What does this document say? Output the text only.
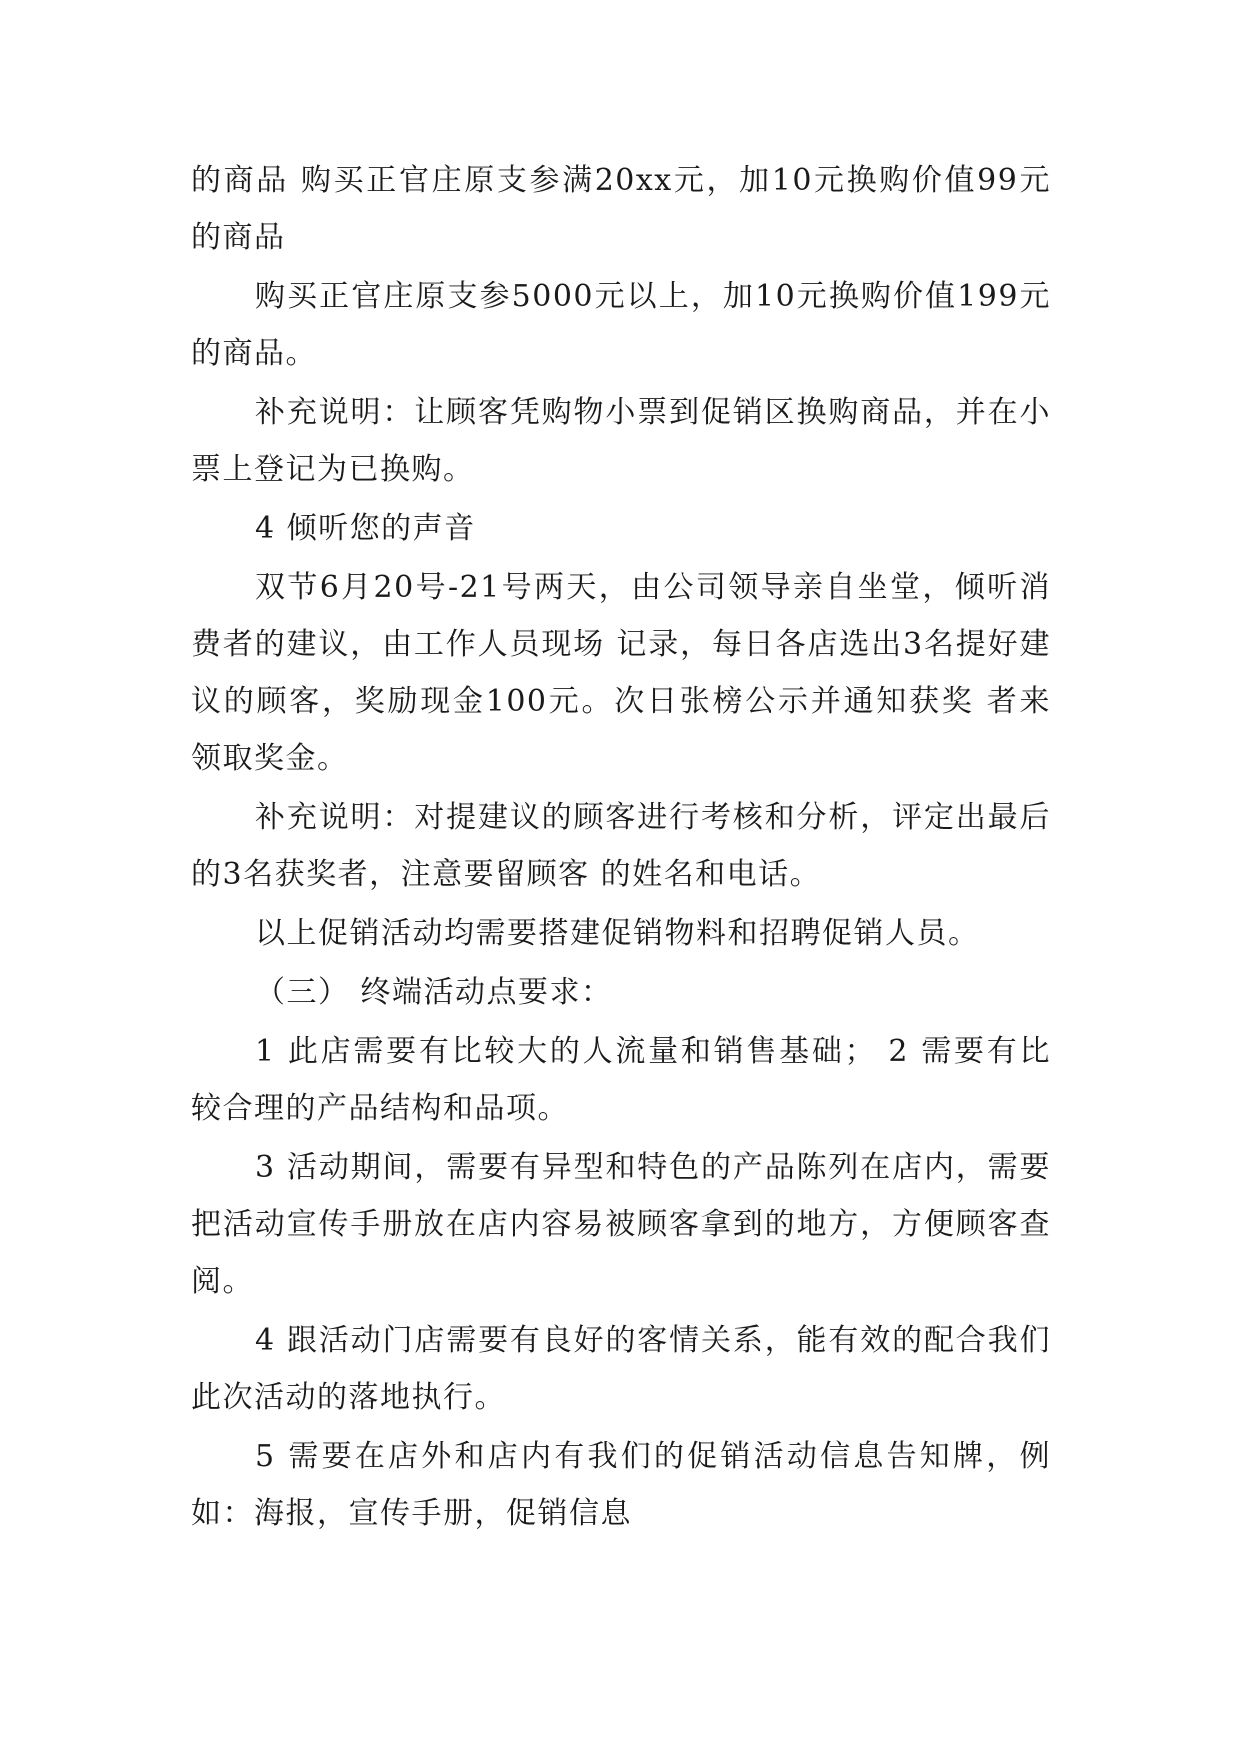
的商品 购买正官庄原支参满20xx元，加10元换购价值99元的商品

购买正官庄原支参5000元以上，加10元换购价值199元的商品。

补充说明：让顾客凭购物小票到促销区换购商品，并在小票上登记为已换购。

4 倾听您的声音

双节6月20号-21号两天，由公司领导亲自坐堂，倾听消费者的建议，由工作人员现场 记录，每日各店选出3名提好建议的顾客，奖励现金100元。次日张榜公示并通知获奖 者来领取奖金。

补充说明：对提建议的顾客进行考核和分析，评定出最后的3名获奖者，注意要留顾客 的姓名和电话。

以上促销活动均需要搭建促销物料和招聘促销人员。

（三） 终端活动点要求：

1 此店需要有比较大的人流量和销售基础； 2 需要有比较合理的产品结构和品项。

3 活动期间，需要有异型和特色的产品陈列在店内，需要把活动宣传手册放在店内容易被顾客拿到的地方，方便顾客查阅。

4 跟活动门店需要有良好的客情关系，能有效的配合我们此次活动的落地执行。

5 需要在店外和店内有我们的促销活动信息告知牌，例如：海报，宣传手册，促销信息
